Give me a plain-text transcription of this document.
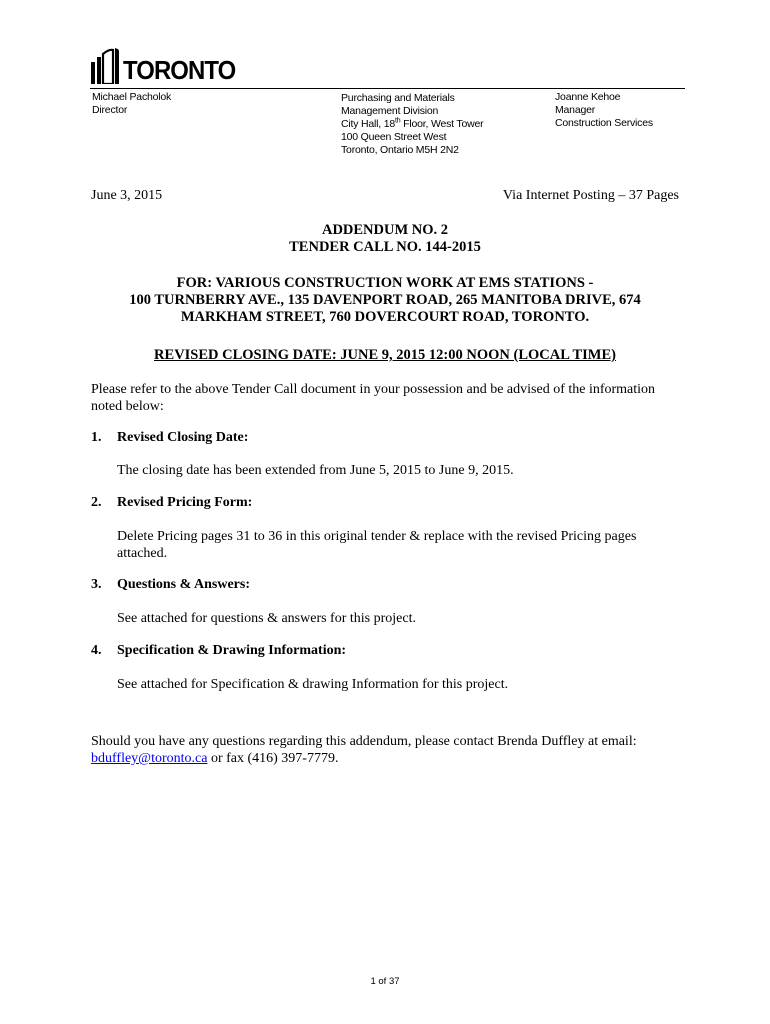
TORONTO
Michael Pacholok
Director
Purchasing and Materials
Management Division
City Hall, 18th Floor, West Tower
100 Queen Street West
Toronto, Ontario M5H 2N2
Joanne Kehoe
Manager
Construction Services
June 3, 2015	Via Internet Posting – 37 Pages
ADDENDUM NO. 2
TENDER CALL NO. 144-2015
FOR: VARIOUS CONSTRUCTION WORK AT EMS STATIONS -
100 TURNBERRY AVE., 135 DAVENPORT ROAD, 265 MANITOBA DRIVE, 674
MARKHAM STREET, 760 DOVERCOURT ROAD, TORONTO.
REVISED CLOSING DATE: JUNE 9, 2015 12:00 NOON (LOCAL TIME)
Please refer to the above Tender Call document in your possession and be advised of the information noted below:
1. Revised Closing Date:
The closing date has been extended from June 5, 2015 to June 9, 2015.
2. Revised Pricing Form:
Delete Pricing pages 31 to 36 in this original tender & replace with the revised Pricing pages attached.
3. Questions & Answers:
See attached for questions & answers for this project.
4. Specification & Drawing Information:
See attached for Specification & drawing Information for this project.
Should you have any questions regarding this addendum, please contact Brenda Duffley at email: bduffley@toronto.ca or fax (416) 397-7779.
1 of 37
